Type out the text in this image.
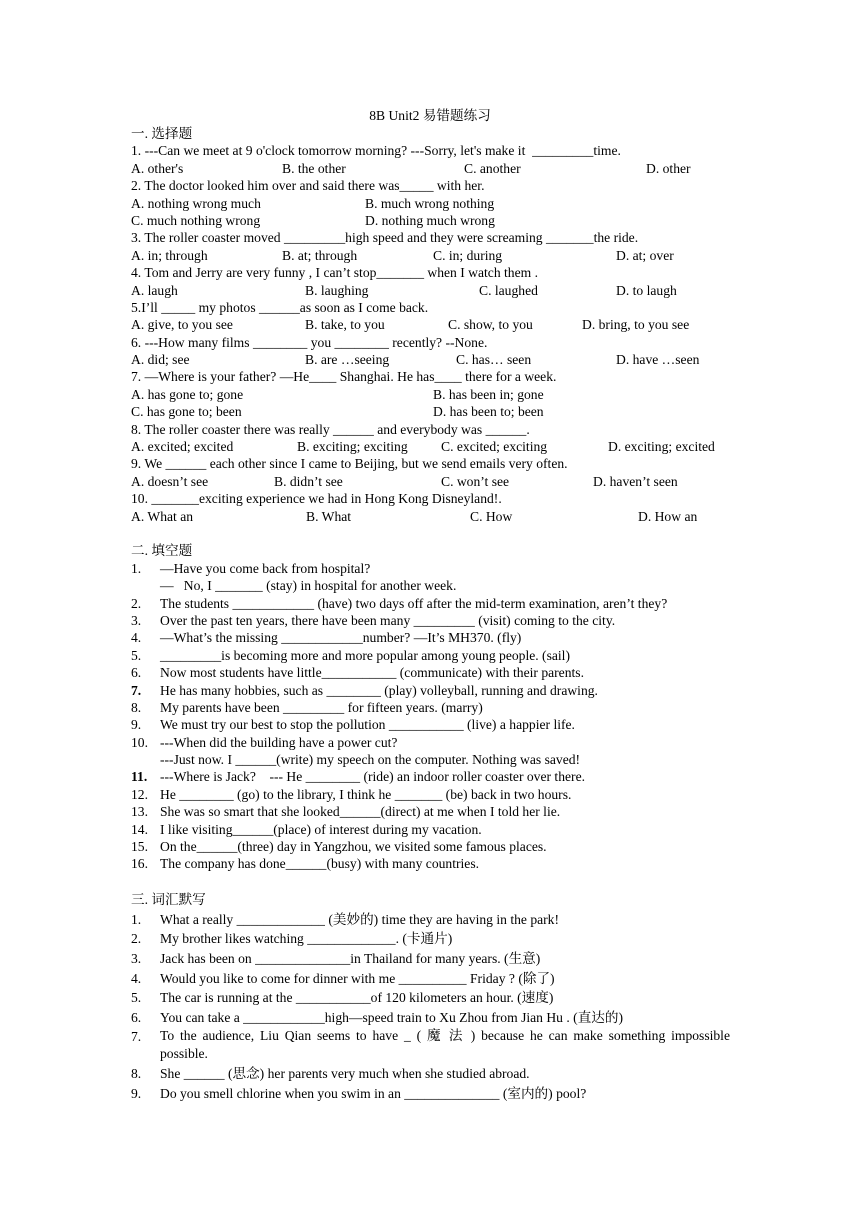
8B Unit2 易错题练习
一. 选择题
1. ---Can we meet at 9 o'clock tomorrow morning? ---Sorry, let's make it  _________time.

A. other's

	B. the other

	C. another

	D. other

2. The doctor looked him over and said there was_____ with her.

A. nothing wrong much

	B. much wrong nothing

C. much nothing wrong

	D. nothing much wrong

3. The roller coaster moved _________high speed and they were screaming _______the ride.

A. in; through

	B. at; through

	C. in; during

	D. at; over

4. Tom and Jerry are very funny , I can’t stop_______ when I watch them .

A. laugh

	B. laughing

	C. laughed

	D. to laugh

5.I’ll _____ my photos ______as soon as I come back.

A. give, to you see

	B. take, to you

	C. show, to you

	D. bring, to you see

6. ---How many films ________ you ________ recently? --None.

A. did; see

	B. are …seeing

	C. has… seen

	D. have …seen

7. —Where is your father? —He____ Shanghai. He has____ there for a week.

A. has gone to; gone

	B. has been in; gone

C. has gone to; been

	D. has been to; been

8. The roller coaster there was really ______ and everybody was ______.

A. excited; excited

	B. exciting; exciting

C. excited; exciting

	D. exciting; excited

9. We ______ each other since I came to Beijing, but we send emails very often.

A. doesn’t see

	B. didn’t see

	C. won’t see

	D. haven’t seen

10. _______exciting experience we had in Hong Kong Disneyland!.

A. What an

	B. What

	C. How

	D. How an

二. 填空题
1. —Have you come back from hospital?
—   No, I _______ (stay) in hospital for another week.
2. The students ____________ (have) two days off after the mid-term examination, aren’t they?
3. Over the past ten years, there have been many _________ (visit) coming to the city.
4. —What’s the missing ____________number? —It’s MH370. (fly)
5. _________is becoming more and more popular among young people. (sail)
6. Now most students have little___________ (communicate) with their parents.
7. He has many hobbies, such as ________ (play) volleyball, running and drawing.
8. My parents have been _________ for fifteen years. (marry)
9. We must try our best to stop the pollution ___________ (live) a happier life.
10. ---When did the building have a power cut?
---Just now. I ______(write) my speech on the computer. Nothing was saved!
11. ---Where is Jack?    --- He ________ (ride) an indoor roller coaster over there.
12. He ________ (go) to the library, I think he _______ (be) back in two hours.
13. She was so smart that she looked______(direct) at me when I told her lie.
14. I like visiting______(place) of interest during my vacation.
15. On the______(three) day in Yangzhou, we visited some famous places.
16. The company has done______(busy) with many countries.
三. 词汇默写
1. What a really _____________ (美妙的) time they are having in the park!
2. My brother likes watching _____________. (卡通片)
3. Jack has been on ______________in Thailand for many years. (生意)
4. Would you like to come for dinner with me __________ Friday ? (除了)
5. The car is running at the ___________of 120 kilometers an hour. (速度)
6. You can take a ____________high—speed train to Xu Zhou from Jian Hu . (直达的)
7. To the audience, Liu Qian seems to have _ ( 魔 法 ) because he can make something impossible possible.
8. She ______ (思念) her parents very much when she studied abroad.
9. Do you smell chlorine when you swim in an ______________ (室内的) pool?
